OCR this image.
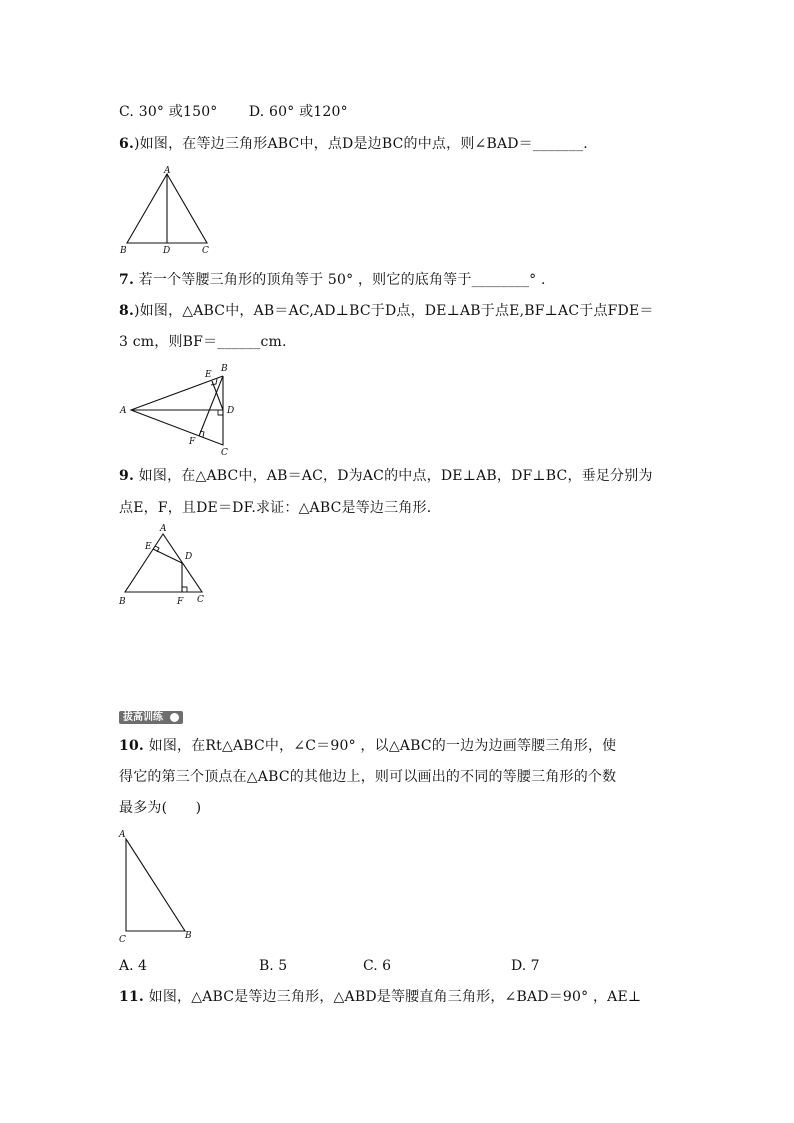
C. 30° 或150° D. 60° 或120°
6.)如图，在等边三角形ABC中，点D是边BC的中点，则∠BAD＝_______.
A
B	D	C
7. 若一个等腰三角形的顶角等于 50° ，则它的底角等于________° .
8.)如图，△ABC中，AB＝AC,AD⊥BC于D点，DE⊥AB于点E,BF⊥AC于点FDE＝
3 cm，则BF＝______cm.
A
B
E
D
F
C
9. 如图，在△ABC中，AB＝AC，D为AC的中点，DE⊥AB，DF⊥BC，垂足分别为
点E，F，且DE＝DF.求证：△ABC是等边三角形.
A
E
D
B	F C
拔高训练
10. 如图，在Rt△ABC中，∠C＝90° ，以△ABC的一边为边画等腰三角形，使
得它的第三个顶点在△ABC的其他边上，则可以画出的不同的等腰三角形的个数
最多为(　　)
A
C	B
A. 4	B. 5	C. 6	D. 7
11. 如图，△ABC是等边三角形，△ABD是等腰直角三角形，∠BAD＝90° ，AE⊥
